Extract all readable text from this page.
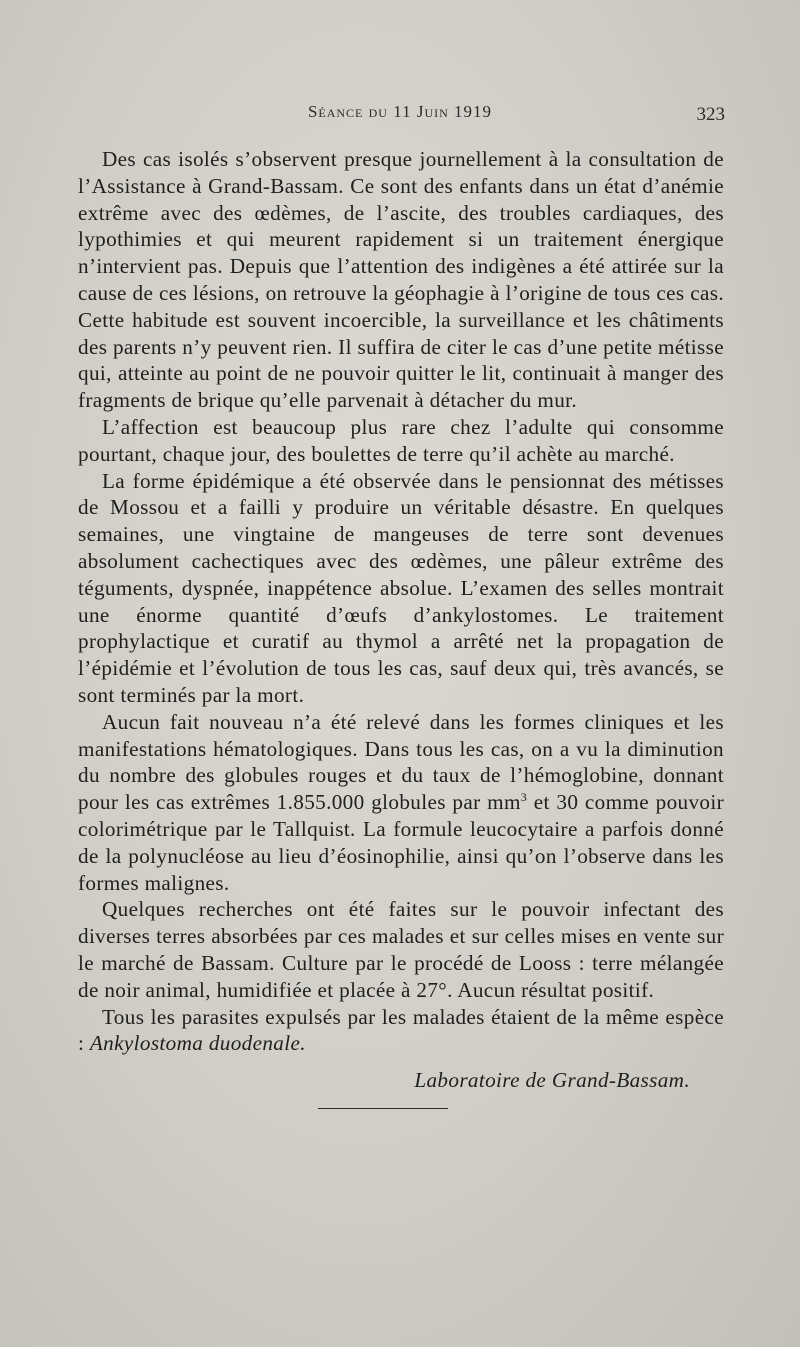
Séance du 11 Juin 1919	323

Des cas isolés s’observent presque journellement à la consultation de l’Assistance à Grand-Bassam. Ce sont des enfants dans un état d’anémie extrême avec des œdèmes, de l’ascite, des troubles cardiaques, des lypothimies et qui meurent rapidement si un traitement énergique n’intervient pas. Depuis que l’attention des indigènes a été attirée sur la cause de ces lésions, on retrouve la géophagie à l’origine de tous ces cas. Cette habitude est souvent incoercible, la surveillance et les châtiments des parents n’y peuvent rien. Il suffira de citer le cas d’une petite métisse qui, atteinte au point de ne pouvoir quitter le lit, continuait à manger des fragments de brique qu’elle parvenait à détacher du mur.

L’affection est beaucoup plus rare chez l’adulte qui consomme pourtant, chaque jour, des boulettes de terre qu’il achète au marché.

La forme épidémique a été observée dans le pensionnat des métisses de Mossou et a failli y produire un véritable désastre. En quelques semaines, une vingtaine de mangeuses de terre sont devenues absolument cachectiques avec des œdèmes, une pâleur extrême des téguments, dyspnée, inappétence absolue. L’examen des selles montrait une énorme quantité d’œufs d’ankylostomes. Le traitement prophylactique et curatif au thymol a arrêté net la propagation de l’épidémie et l’évolution de tous les cas, sauf deux qui, très avancés, se sont terminés par la mort.

Aucun fait nouveau n’a été relevé dans les formes cliniques et les manifestations hématologiques. Dans tous les cas, on a vu la diminution du nombre des globules rouges et du taux de l’hémoglobine, donnant pour les cas extrêmes 1.855.000 globules par $mm^3$ et 30 comme pouvoir colorimétrique par le Tallquist. La formule leucocytaire a parfois donné de la polynucléose au lieu d’éosinophilie, ainsi qu’on l’observe dans les formes malignes.

Quelques recherches ont été faites sur le pouvoir infectant des diverses terres absorbées par ces malades et sur celles mises en vente sur le marché de Bassam. Culture par le procédé de Looss : terre mélangée de noir animal, humidifiée et placée à 27°. Aucun résultat positif.

Tous les parasites expulsés par les malades étaient de la même espèce : Ankylostoma duodenale.

Laboratoire de Grand-Bassam.
